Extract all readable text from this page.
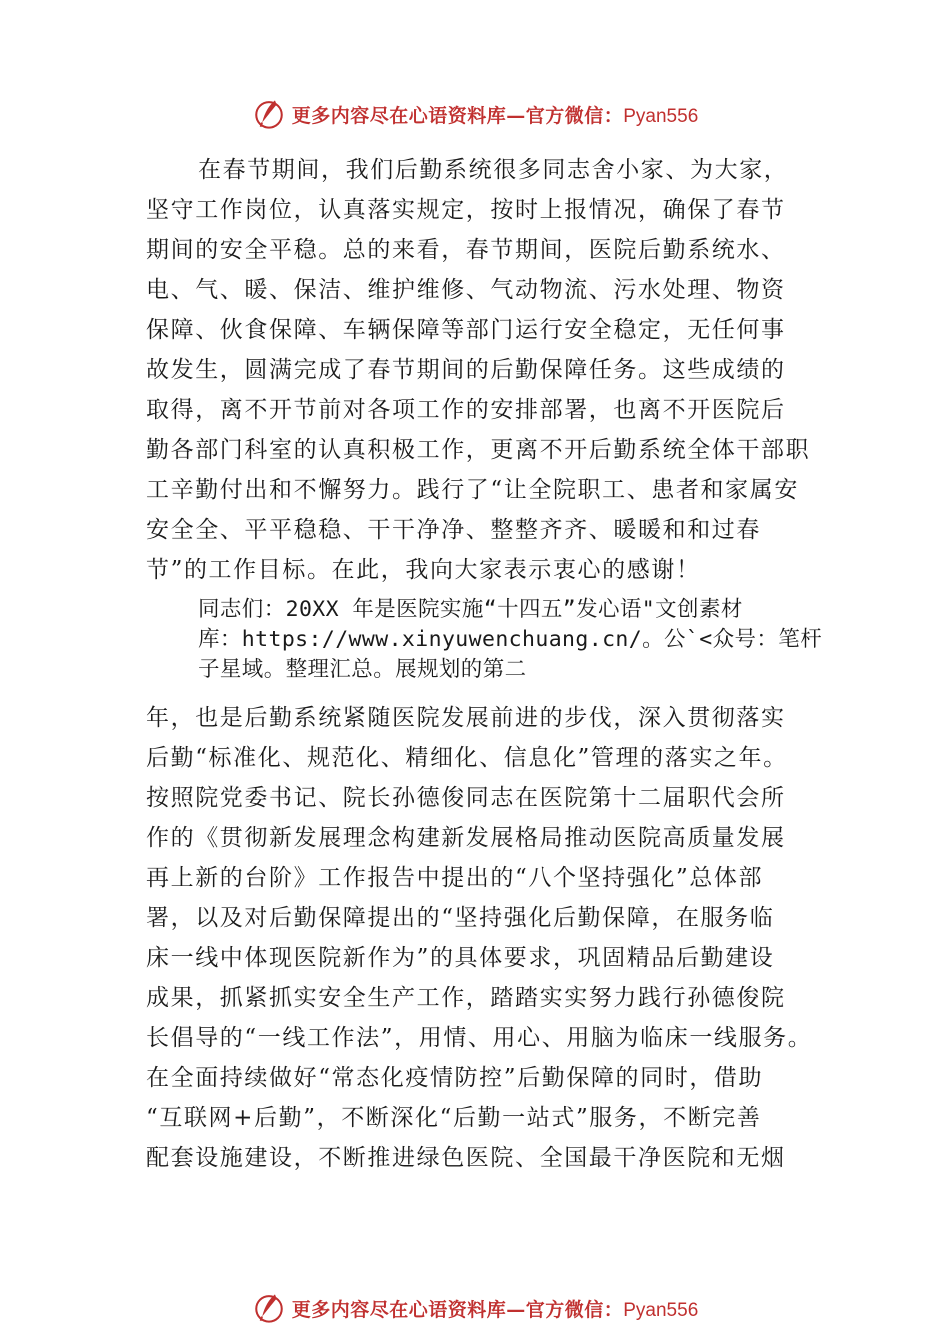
更多内容尽在心语资料库—官方微信：Pyan556
在春节期间，我们后勤系统很多同志舍小家、为大家，
坚守工作岗位，认真落实规定，按时上报情况，确保了春节
期间的安全平稳。总的来看，春节期间，医院后勤系统水、
电、气、暖、保洁、维护维修、气动物流、污水处理、物资
保障、伙食保障、车辆保障等部门运行安全稳定，无任何事
故发生，圆满完成了春节期间的后勤保障任务。这些成绩的
取得，离不开节前对各项工作的安排部署，也离不开医院后
勤各部门科室的认真积极工作，更离不开后勤系统全体干部职
工辛勤付出和不懈努力。践行了“让全院职工、患者和家属安
安全全、平平稳稳、干干净净、整整齐齐、暖暖和和过春
节”的工作目标。在此，我向大家表示衷心的感谢！
同志们：20XX 年是医院实施“十四五”发心语"文创素材
库：https://www.xinyuwenchuang.cn/。公`<众号：笔杆
子星域。整理汇总。展规划的第二
年，也是后勤系统紧随医院发展前进的步伐，深入贯彻落实
后勤“标准化、规范化、精细化、信息化”管理的落实之年。
按照院党委书记、院长孙德俊同志在医院第十二届职代会所
作的《贯彻新发展理念构建新发展格局推动医院高质量发展
再上新的台阶》工作报告中提出的“八个坚持强化”总体部
署，以及对后勤保障提出的“坚持强化后勤保障，在服务临
床一线中体现医院新作为”的具体要求，巩固精品后勤建设
成果，抓紧抓实安全生产工作，踏踏实实努力践行孙德俊院
长倡导的“一线工作法”，用情、用心、用脑为临床一线服务。
在全面持续做好“常态化疫情防控”后勤保障的同时，借助
“互联网+后勤”，不断深化“后勤一站式”服务，不断完善
配套设施建设，不断推进绿色医院、全国最干净医院和无烟
更多内容尽在心语资料库—官方微信：Pyan556
